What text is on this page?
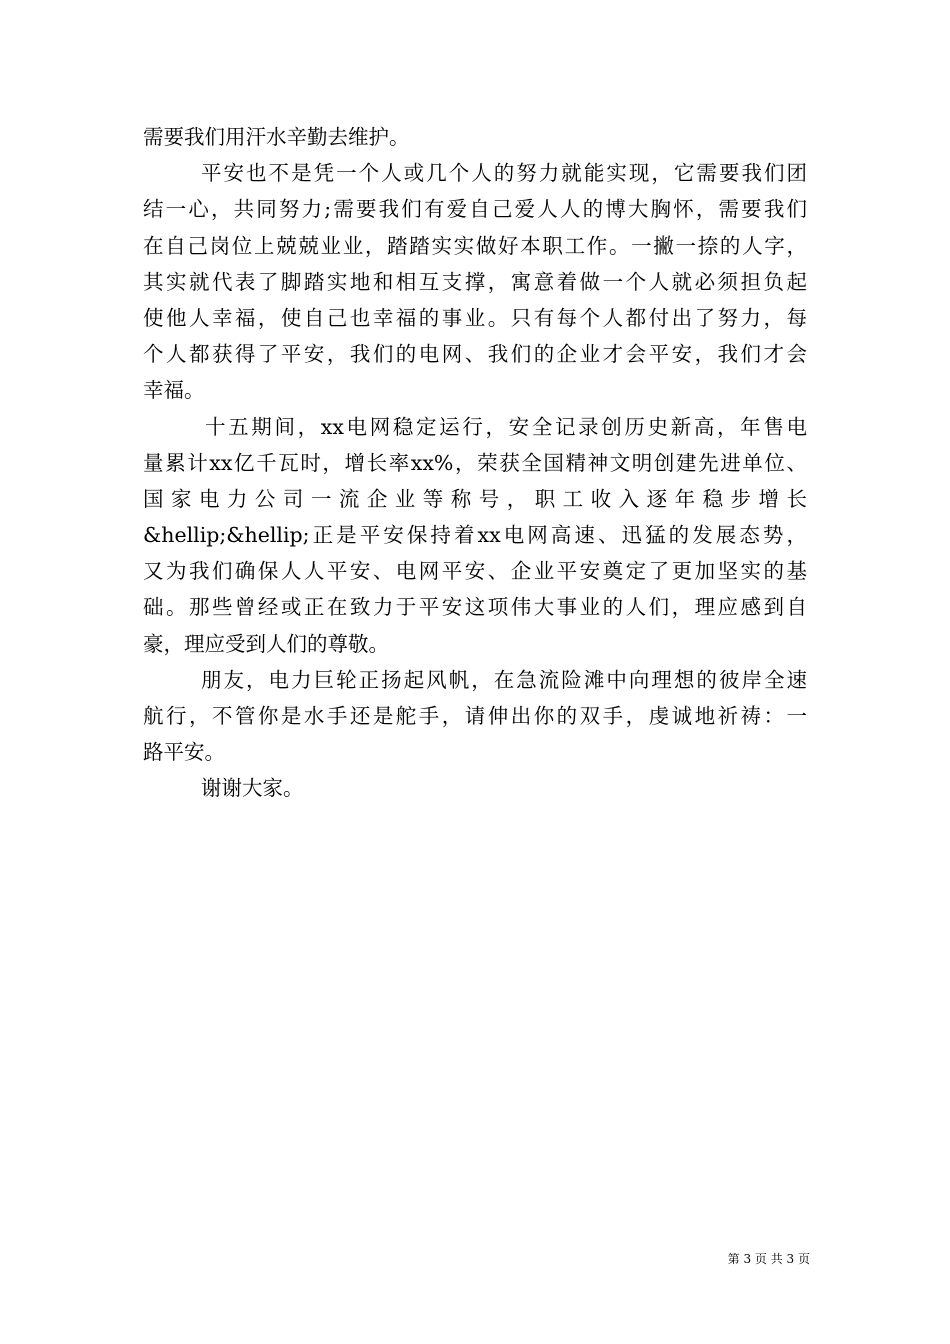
需要我们用汗水辛勤去维护。
平安也不是凭一个人或几个人的努力就能实现，它需要我们团
结一心，共同努力;需要我们有爱自己爱人人的博大胸怀，需要我们
在自己岗位上兢兢业业，踏踏实实做好本职工作。一撇一捺的人字，
其实就代表了脚踏实地和相互支撑，寓意着做一个人就必须担负起
使他人幸福，使自己也幸福的事业。只有每个人都付出了努力，每
个人都获得了平安，我们的电网、我们的企业才会平安，我们才会
幸福。
十五期间，xx电网稳定运行，安全记录创历史新高，年售电
量累计xx亿千瓦时，增长率xx%，荣获全国精神文明创建先进单位、
国家电力公司一流企业等称号，职工收入逐年稳步增长
&hellip;&hellip;正是平安保持着xx电网高速、迅猛的发展态势，
又为我们确保人人平安、电网平安、企业平安奠定了更加坚实的基
础。那些曾经或正在致力于平安这项伟大事业的人们，理应感到自
豪，理应受到人们的尊敬。
朋友，电力巨轮正扬起风帆，在急流险滩中向理想的彼岸全速
航行，不管你是水手还是舵手，请伸出你的双手，虔诚地祈祷：一
路平安。
谢谢大家。
第 3 页 共 3 页
